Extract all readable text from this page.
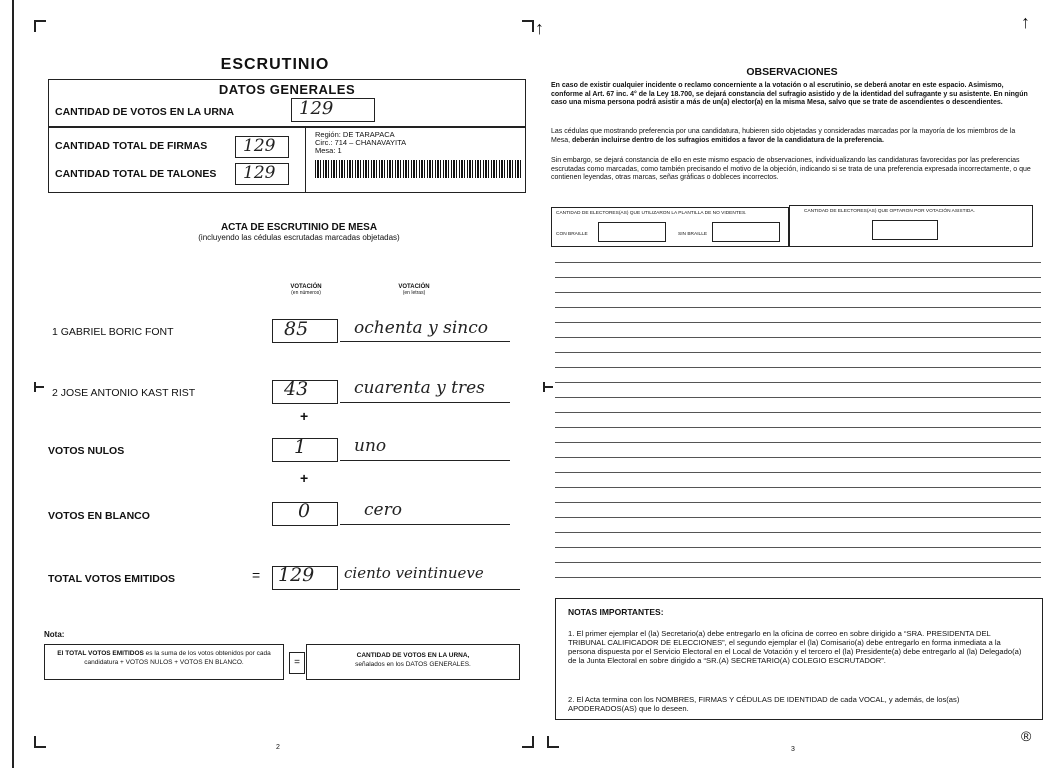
ESCRUTINIO
DATOS GENERALES
CANTIDAD DE VOTOS EN LA URNA	129
CANTIDAD TOTAL DE FIRMAS 129
CANTIDAD TOTAL DE TALONES 129
Región: DE TARAPACA
Circ.: 714 – CHANAVAYITA
Mesa: 1
ACTA DE ESCRUTINIO DE MESA
(incluyendo las cédulas escrutadas marcadas objetadas)
VOTACIÓN
(en números)
VOTACIÓN
(en letras)
1 GABRIEL BORIC FONT	85	ochenta y sinco
2 JOSE ANTONIO KAST RIST	43	cuarenta y tres
+
VOTOS NULOS	1	uno
+
VOTOS EN BLANCO	0	cero
TOTAL VOTOS EMITIDOS	= 129 ciento veintinueve
Nota:
El TOTAL VOTOS EMITIDOS es la suma de los votos obtenidos por cada candidatura + VOTOS NULOS + VOTOS EN BLANCO.	=
CANTIDAD DE VOTOS EN LA URNA,
señalados en los DATOS GENERALES.
2
↑	↑
OBSERVACIONES
En caso de existir cualquier incidente o reclamo concerniente a la votación o al escrutinio, se deberá anotar en este espacio. Asimismo, conforme al Art. 67 inc. 4° de la Ley 18.700, se dejará constancia del sufragio asistido y de la identidad del sufragante y su asistente. En ningún caso una misma persona podrá asistir a más de un(a) elector(a) en la misma Mesa, salvo que se trate de ascendientes o descendientes.
Las cédulas que mostrando preferencia por una candidatura, hubieren sido objetadas y consideradas marcadas por la mayoría de los miembros de la Mesa, deberán incluirse dentro de los sufragios emitidos a favor de la candidatura de la preferencia.
Sin embargo, se dejará constancia de ello en este mismo espacio de observaciones, individualizando las candidaturas favorecidas por las preferencias escrutadas como marcadas, como también precisando el motivo de la objeción, indicando si se trata de una preferencia expresada incorrectamente, o que contienen leyendas, otras marcas, señas gráficas o dobleces incorrectos.
CANTIDAD DE ELECTORES(AS) QUE UTILIZARON LA PLANTILLA DE NO VIDENTES.
CON BRAILLE	SIN BRAILLE
CANTIDAD DE ELECTORES(AS) QUE OPTARON POR VOTACIÓN ASISTIDA.
NOTAS IMPORTANTES:
1. El primer ejemplar el (la) Secretario(a) debe entregarlo en la oficina de correo en sobre dirigido a “SRA. PRESIDENTA DEL TRIBUNAL CALIFICADOR DE ELECCIONES”, el segundo ejemplar el (la) Comisario(a) debe entregarlo en forma inmediata a la persona dispuesta por el Servicio Electoral en el Local de Votación y el tercero el (la) Presidente(a) debe entregarlo al (la) Delegado(a) de la Junta Electoral en sobre dirigido a “SR.(A) SECRETARIO(A) COLEGIO ESCRUTADOR”.
2. El Acta termina con los NOMBRES, FIRMAS Y CÉDULAS DE IDENTIDAD de cada VOCAL, y además, de los(as) APODERADOS(AS) que lo deseen.
3
®
